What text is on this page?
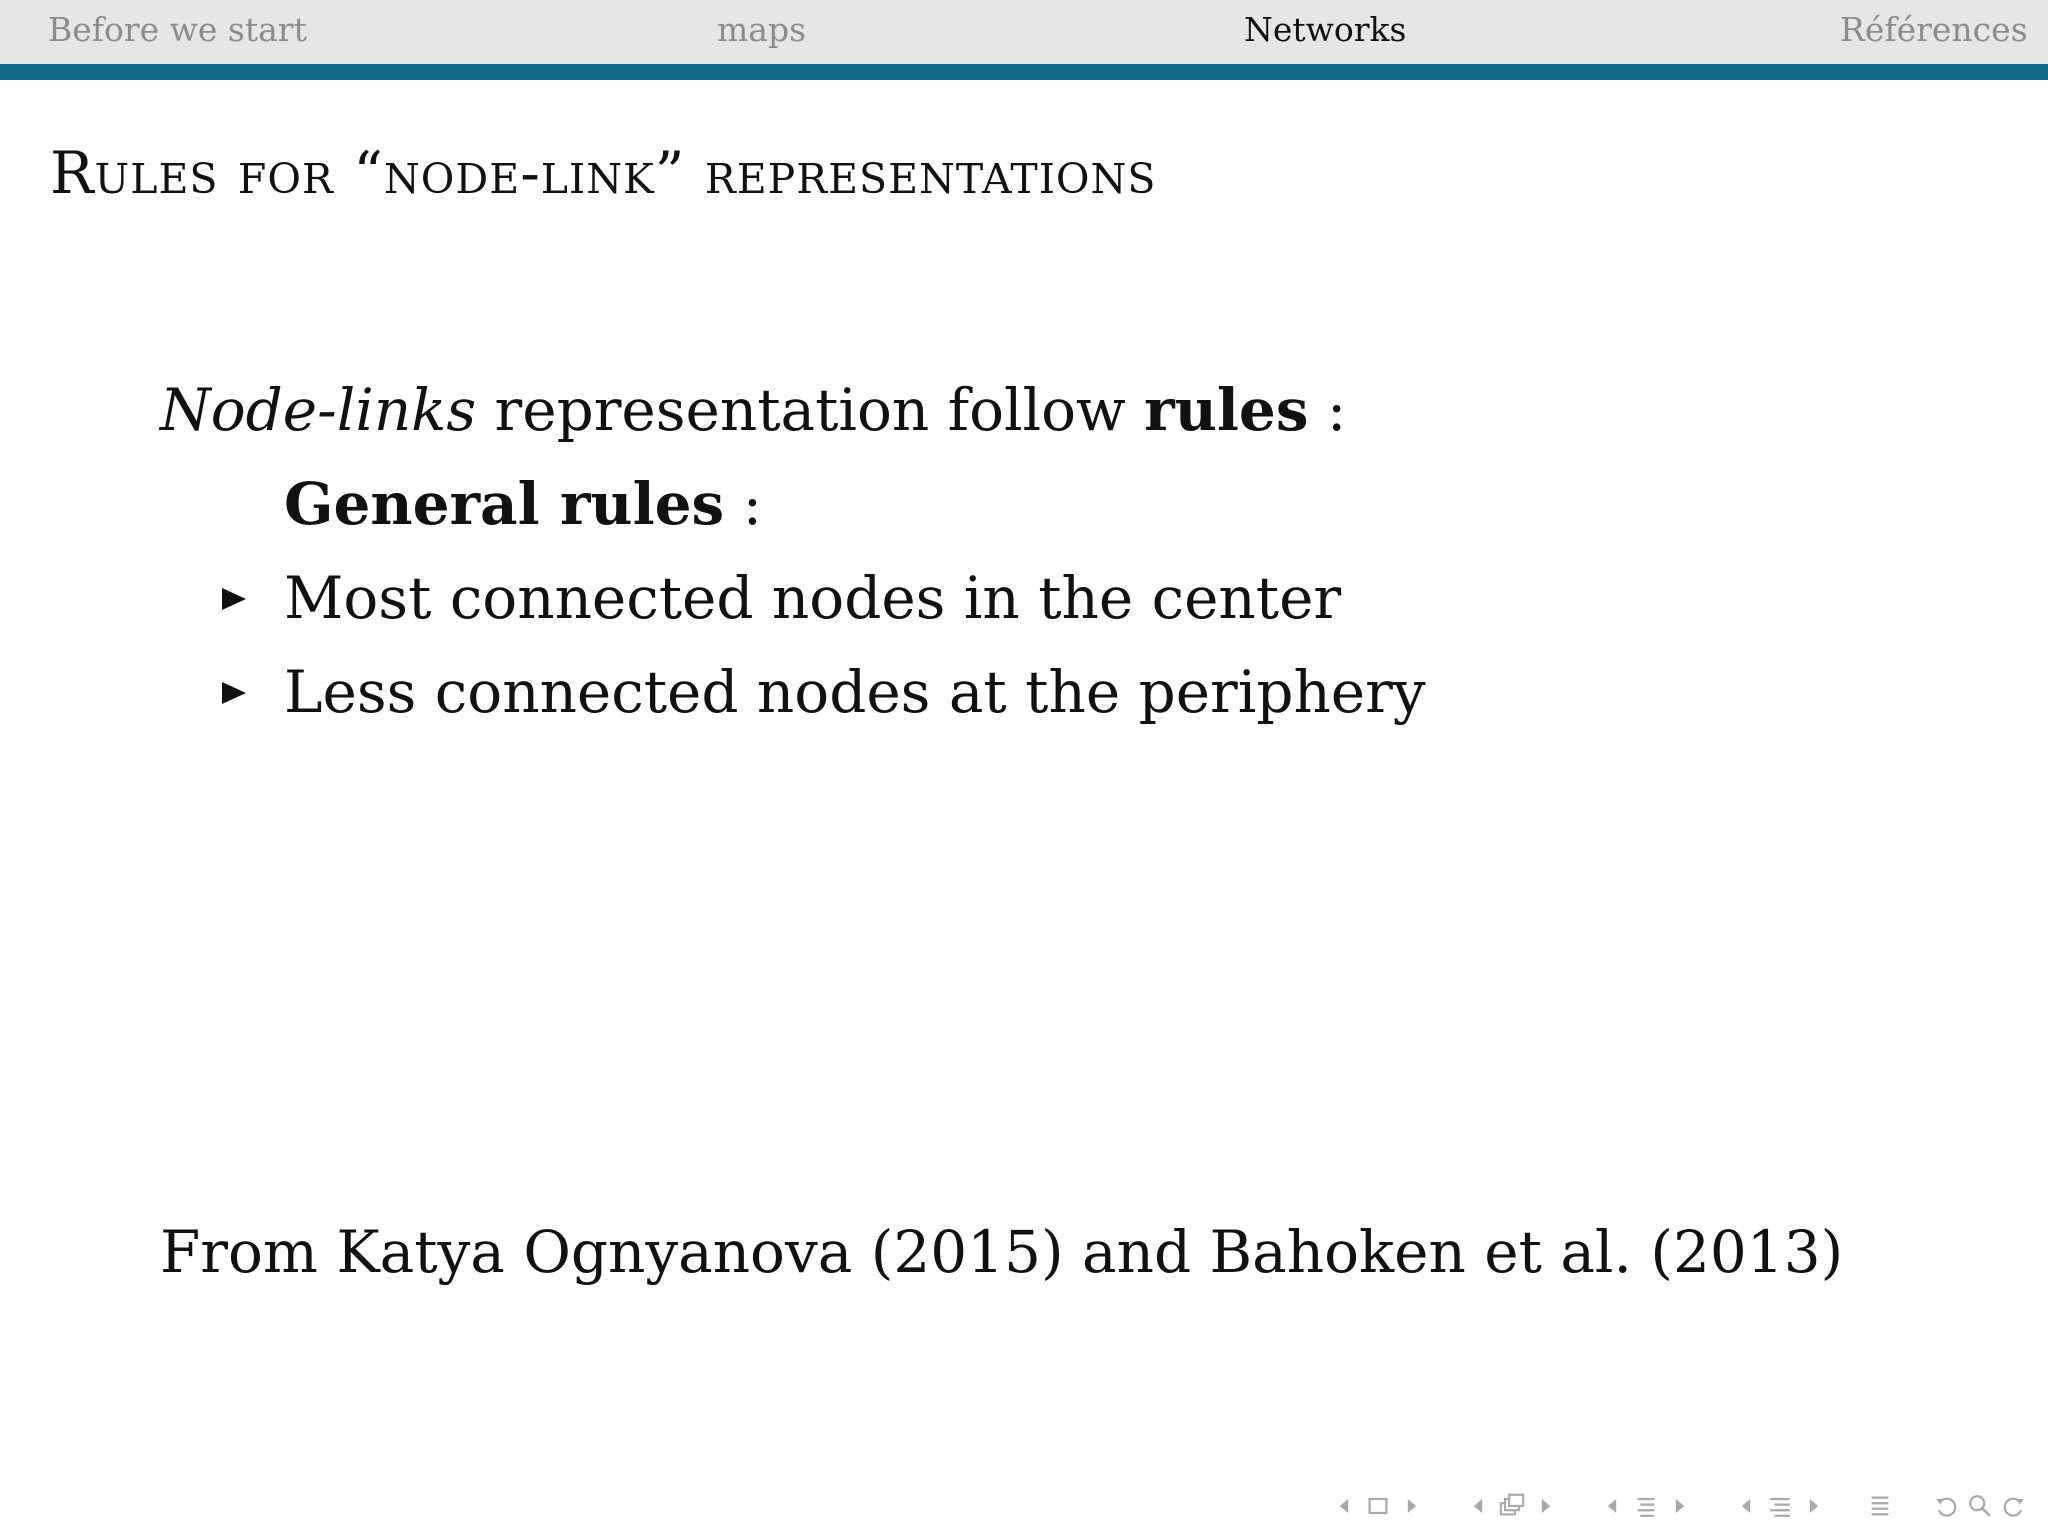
Before we start	maps	Networks	Références
Rules for “node-link” representations
Node-links representation follow rules :
General rules :
Most connected nodes in the center
Less connected nodes at the periphery
From Katya Ognyanova (2015) and Bahoken et al. (2013)
